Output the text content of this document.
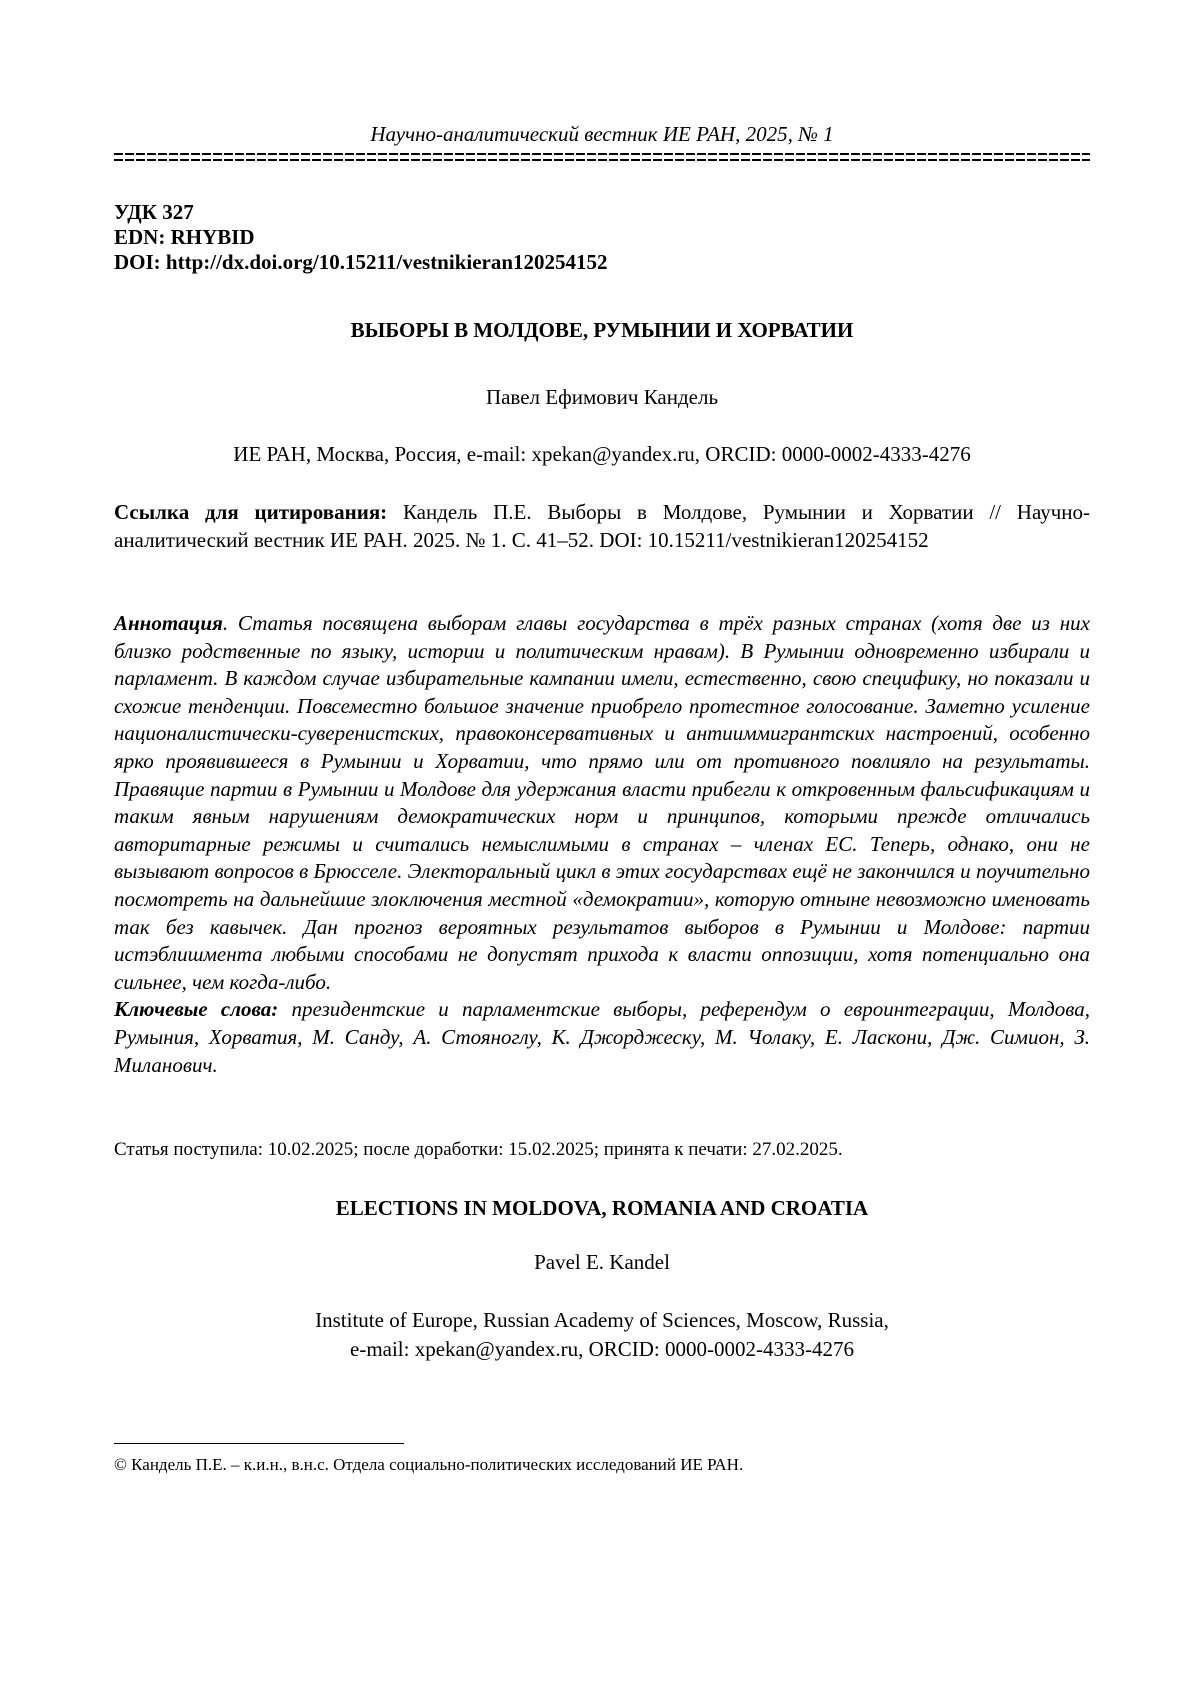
Научно-аналитический вестник ИЕ РАН, 2025, № 1
УДК 327
EDN: RHYBID
DOI: http://dx.doi.org/10.15211/vestnikieran120254152
ВЫБОРЫ В МОЛДОВЕ, РУМЫНИИ И ХОРВАТИИ
Павел Ефимович Кандель
ИЕ РАН, Москва, Россия, e-mail: xpekan@yandex.ru, ORCID: 0000-0002-4333-4276
Ссылка для цитирования: Кандель П.Е. Выборы в Молдове, Румынии и Хорватии // Научно-аналитический вестник ИЕ РАН. 2025. № 1. С. 41–52. DOI: 10.15211/vestnikieran120254152
Аннотация. Статья посвящена выборам главы государства в трёх разных странах (хотя две из них близко родственные по языку, истории и политическим нравам). В Румынии одновременно избирали и парламент. В каждом случае избирательные кампании имели, естественно, свою специфику, но показали и схожие тенденции. Повсеместно большое значение приобрело протестное голосование. Заметно усиление националистически-суверенистских, правоконсервативных и антииммигрантских настроений, особенно ярко проявившееся в Румынии и Хорватии, что прямо или от противного повлияло на результаты. Правящие партии в Румынии и Молдове для удержания власти прибегли к откровенным фальсификациям и таким явным нарушениям демократических норм и принципов, которыми прежде отличались авторитарные режимы и считались немыслимыми в странах – членах ЕС. Теперь, однако, они не вызывают вопросов в Брюсселе. Электоральный цикл в этих государствах ещё не закончился и поучительно посмотреть на дальнейшие злоключения местной «демократии», которую отныне невозможно именовать так без кавычек. Дан прогноз вероятных результатов выборов в Румынии и Молдове: партии истэблишмента любыми способами не допустят прихода к власти оппозиции, хотя потенциально она сильнее, чем когда-либо.
Ключевые слова: президентские и парламентские выборы, референдум о евроинтеграции, Молдова, Румыния, Хорватия, М. Санду, А. Стояноглу, К. Джорджеску, М. Чолаку, Е. Ласкони, Дж. Симион, З. Миланович.
Статья поступила: 10.02.2025; после доработки: 15.02.2025; принята к печати: 27.02.2025.
ELECTIONS IN MOLDOVA, ROMANIA AND CROATIA
Pavel E. Kandel
Institute of Europe, Russian Academy of Sciences, Moscow, Russia,
e-mail: xpekan@yandex.ru, ORCID: 0000-0002-4333-4276
© Кандель П.Е. – к.и.н., в.н.с. Отдела социально-политических исследований ИЕ РАН.
